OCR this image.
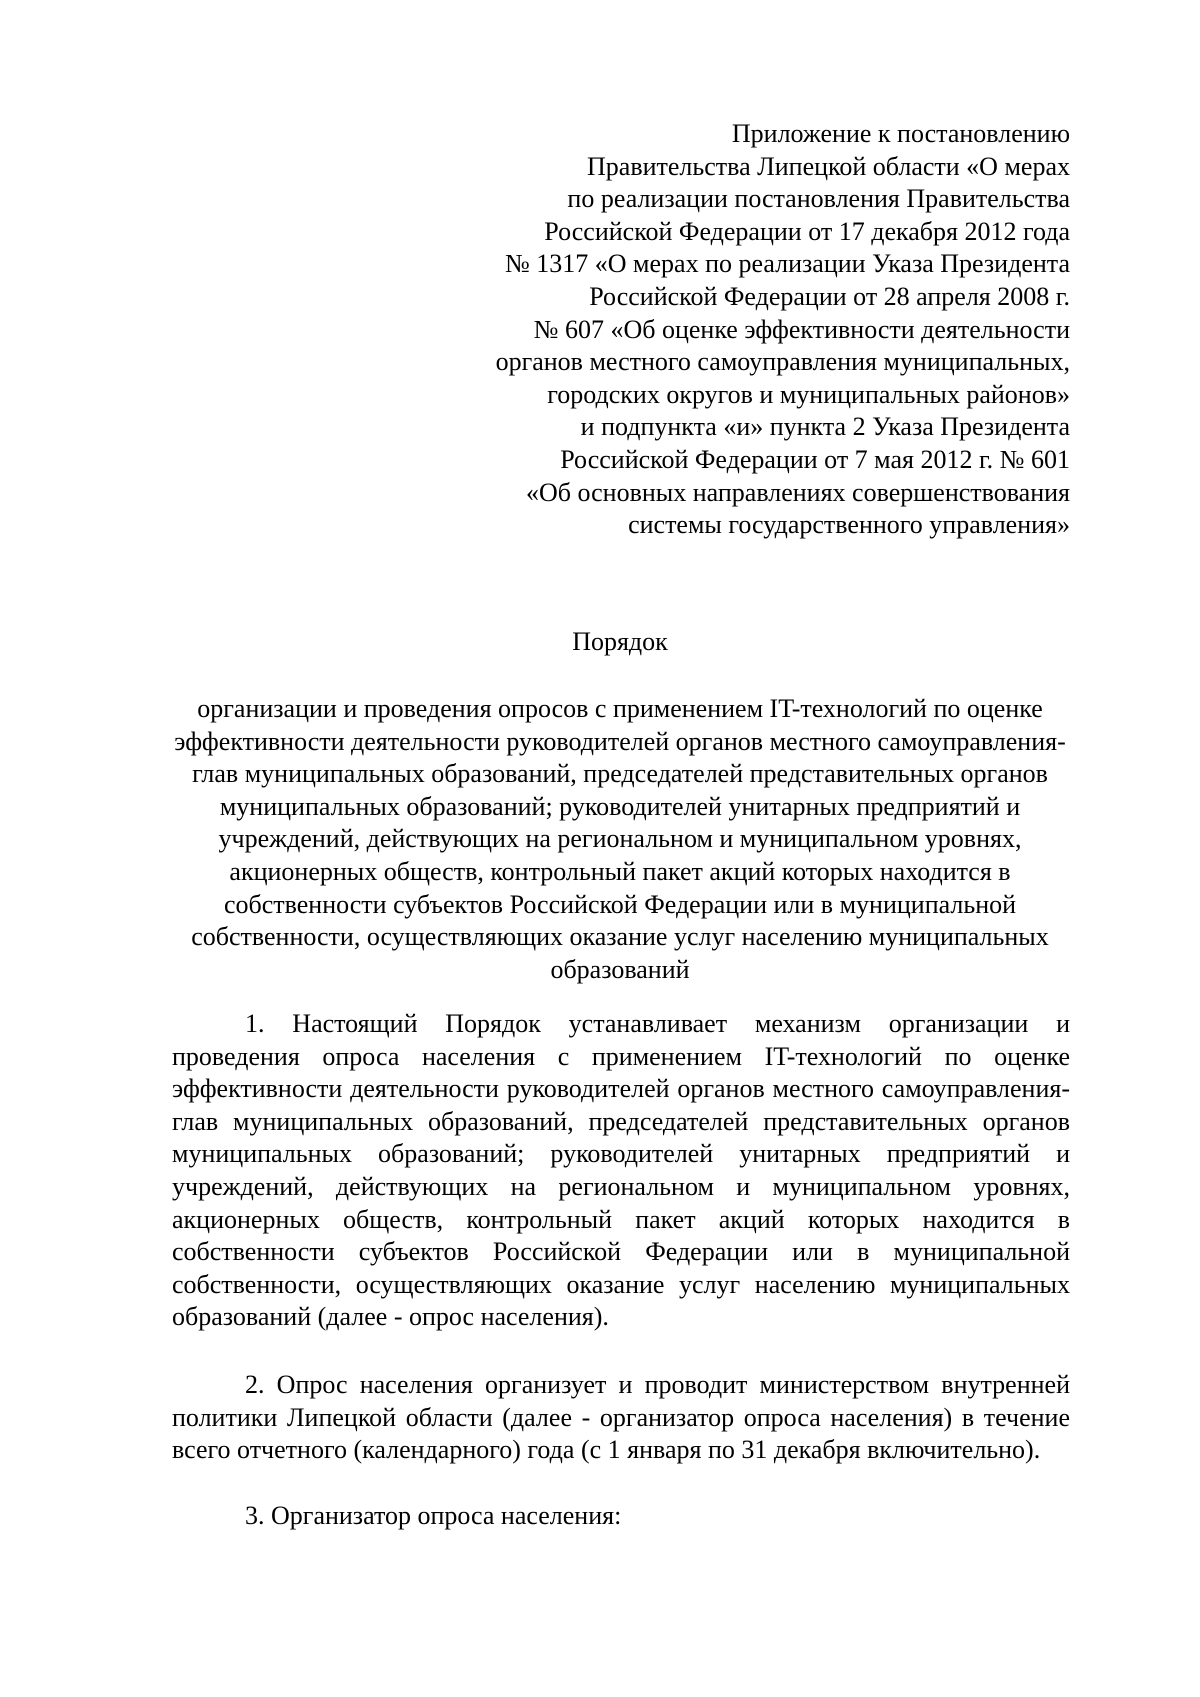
Приложение к постановлению
Правительства Липецкой области «О мерах
по реализации постановления Правительства
Российской Федерации от 17 декабря 2012 года
№ 1317 «О мерах по реализации Указа Президента
Российской Федерации от 28 апреля 2008 г.
№ 607 «Об оценке эффективности деятельности
органов местного самоуправления муниципальных,
городских округов и муниципальных районов»
и подпункта «и» пункта 2 Указа Президента
Российской Федерации от 7 мая 2012 г. № 601
«Об основных направлениях совершенствования
системы государственного управления»
Порядок
организации и проведения опросов с применением IT-технологий по оценке
эффективности деятельности руководителей органов местного самоуправления-
глав муниципальных образований, председателей представительных органов
муниципальных образований; руководителей унитарных предприятий и
учреждений, действующих на региональном и муниципальном уровнях,
акционерных обществ, контрольный пакет акций которых находится в
собственности субъектов Российской Федерации или в муниципальной
собственности, осуществляющих оказание услуг населению муниципальных
образований
1. Настоящий Порядок устанавливает механизм организации и
проведения опроса населения с применением IT-технологий по оценке
эффективности деятельности руководителей органов местного самоуправления-
глав муниципальных образований, председателей представительных органов
муниципальных образований; руководителей унитарных предприятий и
учреждений, действующих на региональном и муниципальном уровнях,
акционерных обществ, контрольный пакет акций которых находится в
собственности субъектов Российской Федерации или в муниципальной
собственности, осуществляющих оказание услуг населению муниципальных
образований (далее - опрос населения).
2. Опрос населения организует и проводит министерством внутренней
политики Липецкой области (далее - организатор опроса населения) в течение
всего отчетного (календарного) года (с 1 января по 31 декабря включительно).
3. Организатор опроса населения:
